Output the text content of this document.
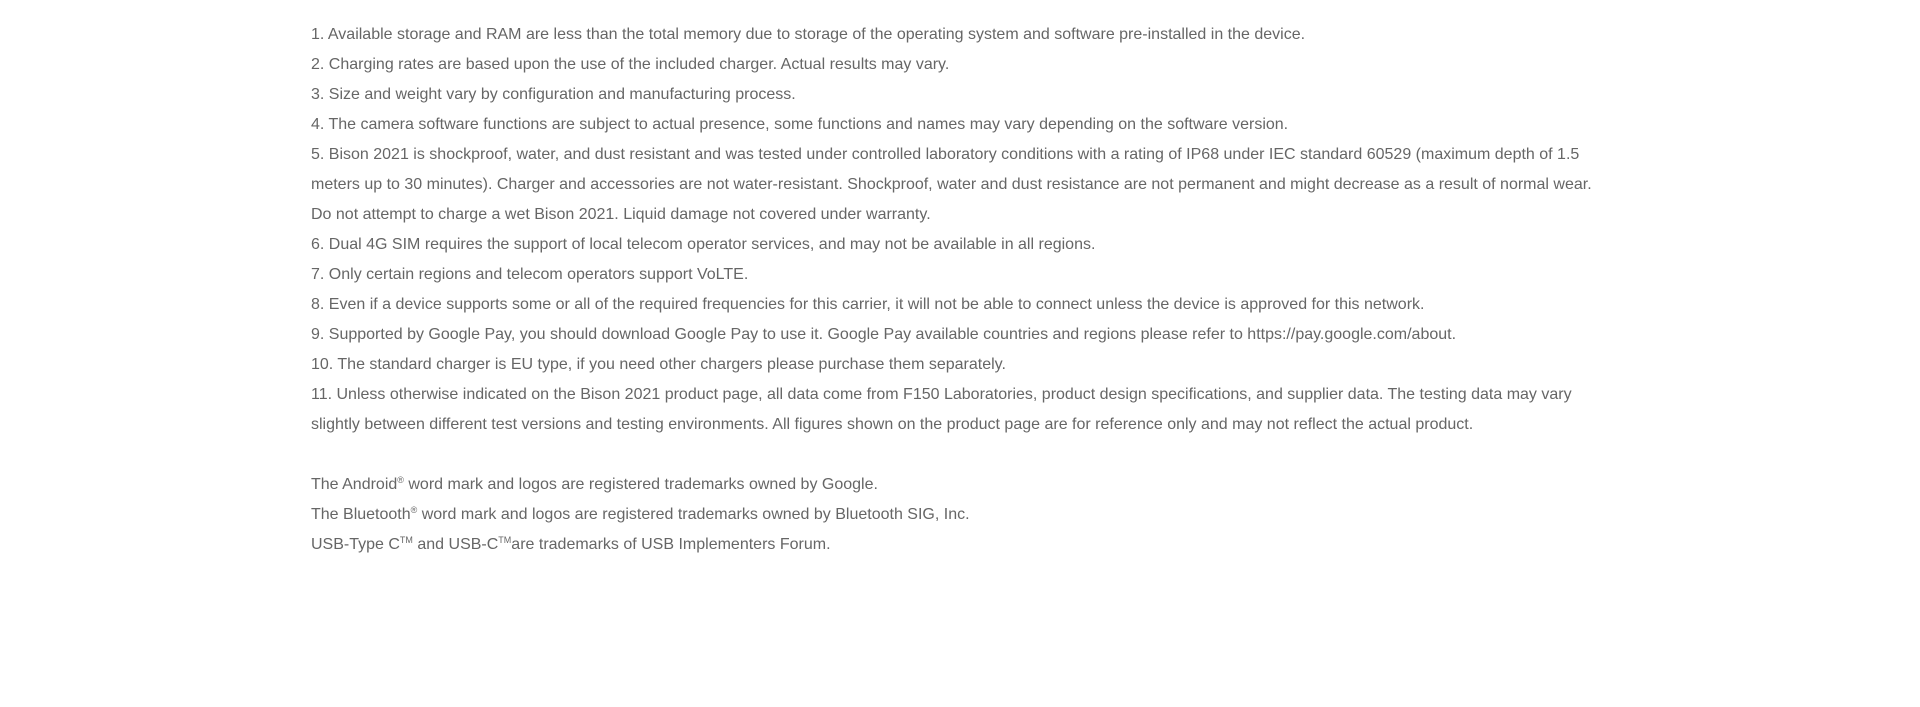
1. Available storage and RAM are less than the total memory due to storage of the operating system and software pre-installed in the device.

2. Charging rates are based upon the use of the included charger. Actual results may vary.

3. Size and weight vary by configuration and manufacturing process.

4. The camera software functions are subject to actual presence, some functions and names may vary depending on the software version.

5. Bison 2021 is shockproof, water, and dust resistant and was tested under controlled laboratory conditions with a rating of IP68 under IEC standard 60529 (maximum depth of 1.5 meters up to 30 minutes). Charger and accessories are not water-resistant. Shockproof, water and dust resistance are not permanent and might decrease as a result of normal wear. Do not attempt to charge a wet Bison 2021. Liquid damage not covered under warranty.

6. Dual 4G SIM requires the support of local telecom operator services, and may not be available in all regions.

7. Only certain regions and telecom operators support VoLTE.

8. Even if a device supports some or all of the required frequencies for this carrier, it will not be able to connect unless the device is approved for this network.

9. Supported by Google Pay, you should download Google Pay to use it. Google Pay available countries and regions please refer to https://pay.google.com/about.

10. The standard charger is EU type, if you need other chargers please purchase them separately.

11. Unless otherwise indicated on the Bison 2021 product page, all data come from F150 Laboratories, product design specifications, and supplier data. The testing data may vary slightly between different test versions and testing environments. All figures shown on the product page are for reference only and may not reflect the actual product.

The Android® word mark and logos are registered trademarks owned by Google.

The Bluetooth® word mark and logos are registered trademarks owned by Bluetooth SIG, Inc.

USB-Type C™ and USB-C™are trademarks of USB Implementers Forum.
